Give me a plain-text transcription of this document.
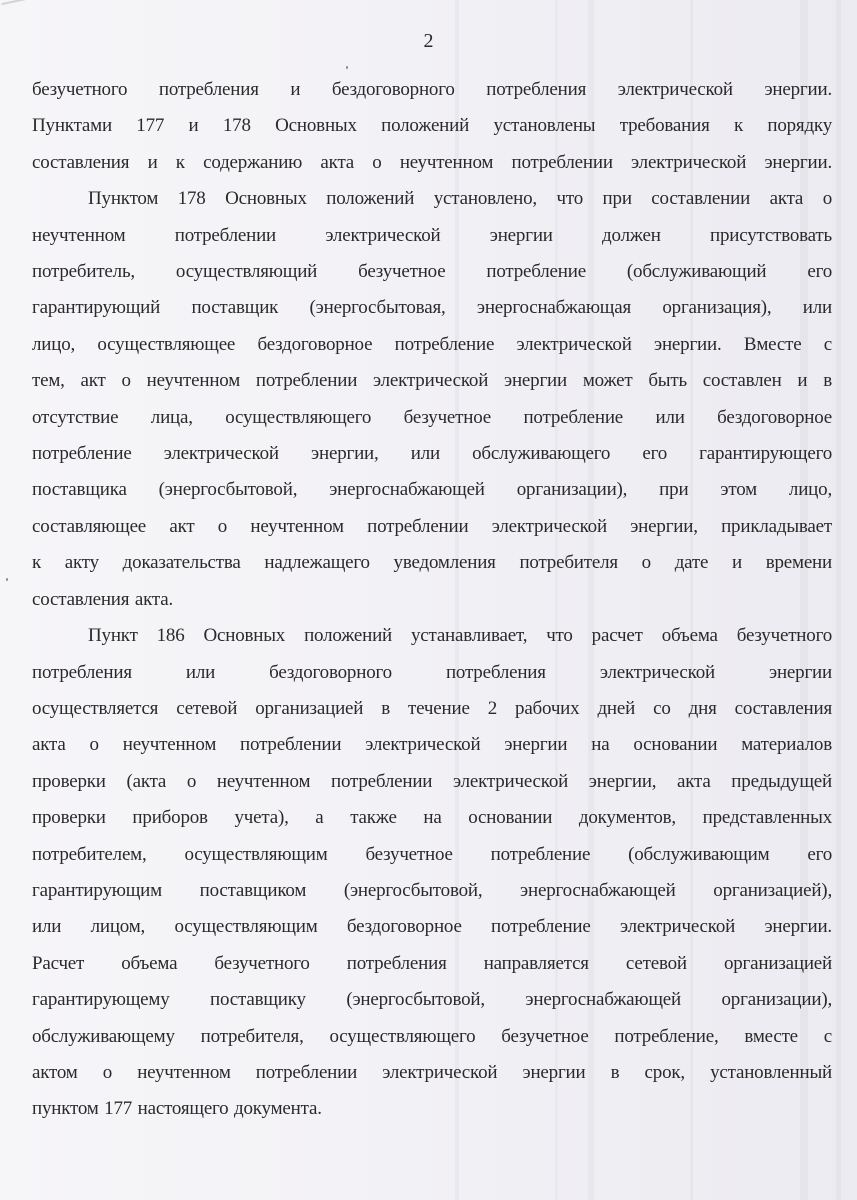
2
безучетного потребления и бездоговорного потребления электрической энергии.
Пунктами 177 и 178 Основных положений установлены требования к порядку
составления и к содержанию акта о неучтенном потреблении электрической энергии.
Пунктом 178 Основных положений установлено, что при составлении акта о
неучтенном потреблении электрической энергии должен присутствовать
потребитель, осуществляющий безучетное потребление (обслуживающий его
гарантирующий поставщик (энергосбытовая, энергоснабжающая организация), или
лицо, осуществляющее бездоговорное потребление электрической энергии. Вместе с
тем, акт о неучтенном потреблении электрической энергии может быть составлен и в
отсутствие лица, осуществляющего безучетное потребление или бездоговорное
потребление электрической энергии, или обслуживающего его гарантирующего
поставщика (энергосбытовой, энергоснабжающей организации), при этом лицо,
составляющее акт о неучтенном потреблении электрической энергии, прикладывает
к акту доказательства надлежащего уведомления потребителя о дате и времени
составления акта.
Пункт 186 Основных положений устанавливает, что расчет объема безучетного
потребления или бездоговорного потребления электрической энергии
осуществляется сетевой организацией в течение 2 рабочих дней со дня составления
акта о неучтенном потреблении электрической энергии на основании материалов
проверки (акта о неучтенном потреблении электрической энергии, акта предыдущей
проверки приборов учета), а также на основании документов, представленных
потребителем, осуществляющим безучетное потребление (обслуживающим его
гарантирующим поставщиком (энергосбытовой, энергоснабжающей организацией),
или лицом, осуществляющим бездоговорное потребление электрической энергии.
Расчет объема безучетного потребления направляется сетевой организацией
гарантирующему поставщику (энергосбытовой, энергоснабжающей организации),
обслуживающему потребителя, осуществляющего безучетное потребление, вместе с
актом о неучтенном потреблении электрической энергии в срок, установленный
пунктом 177 настоящего документа.
